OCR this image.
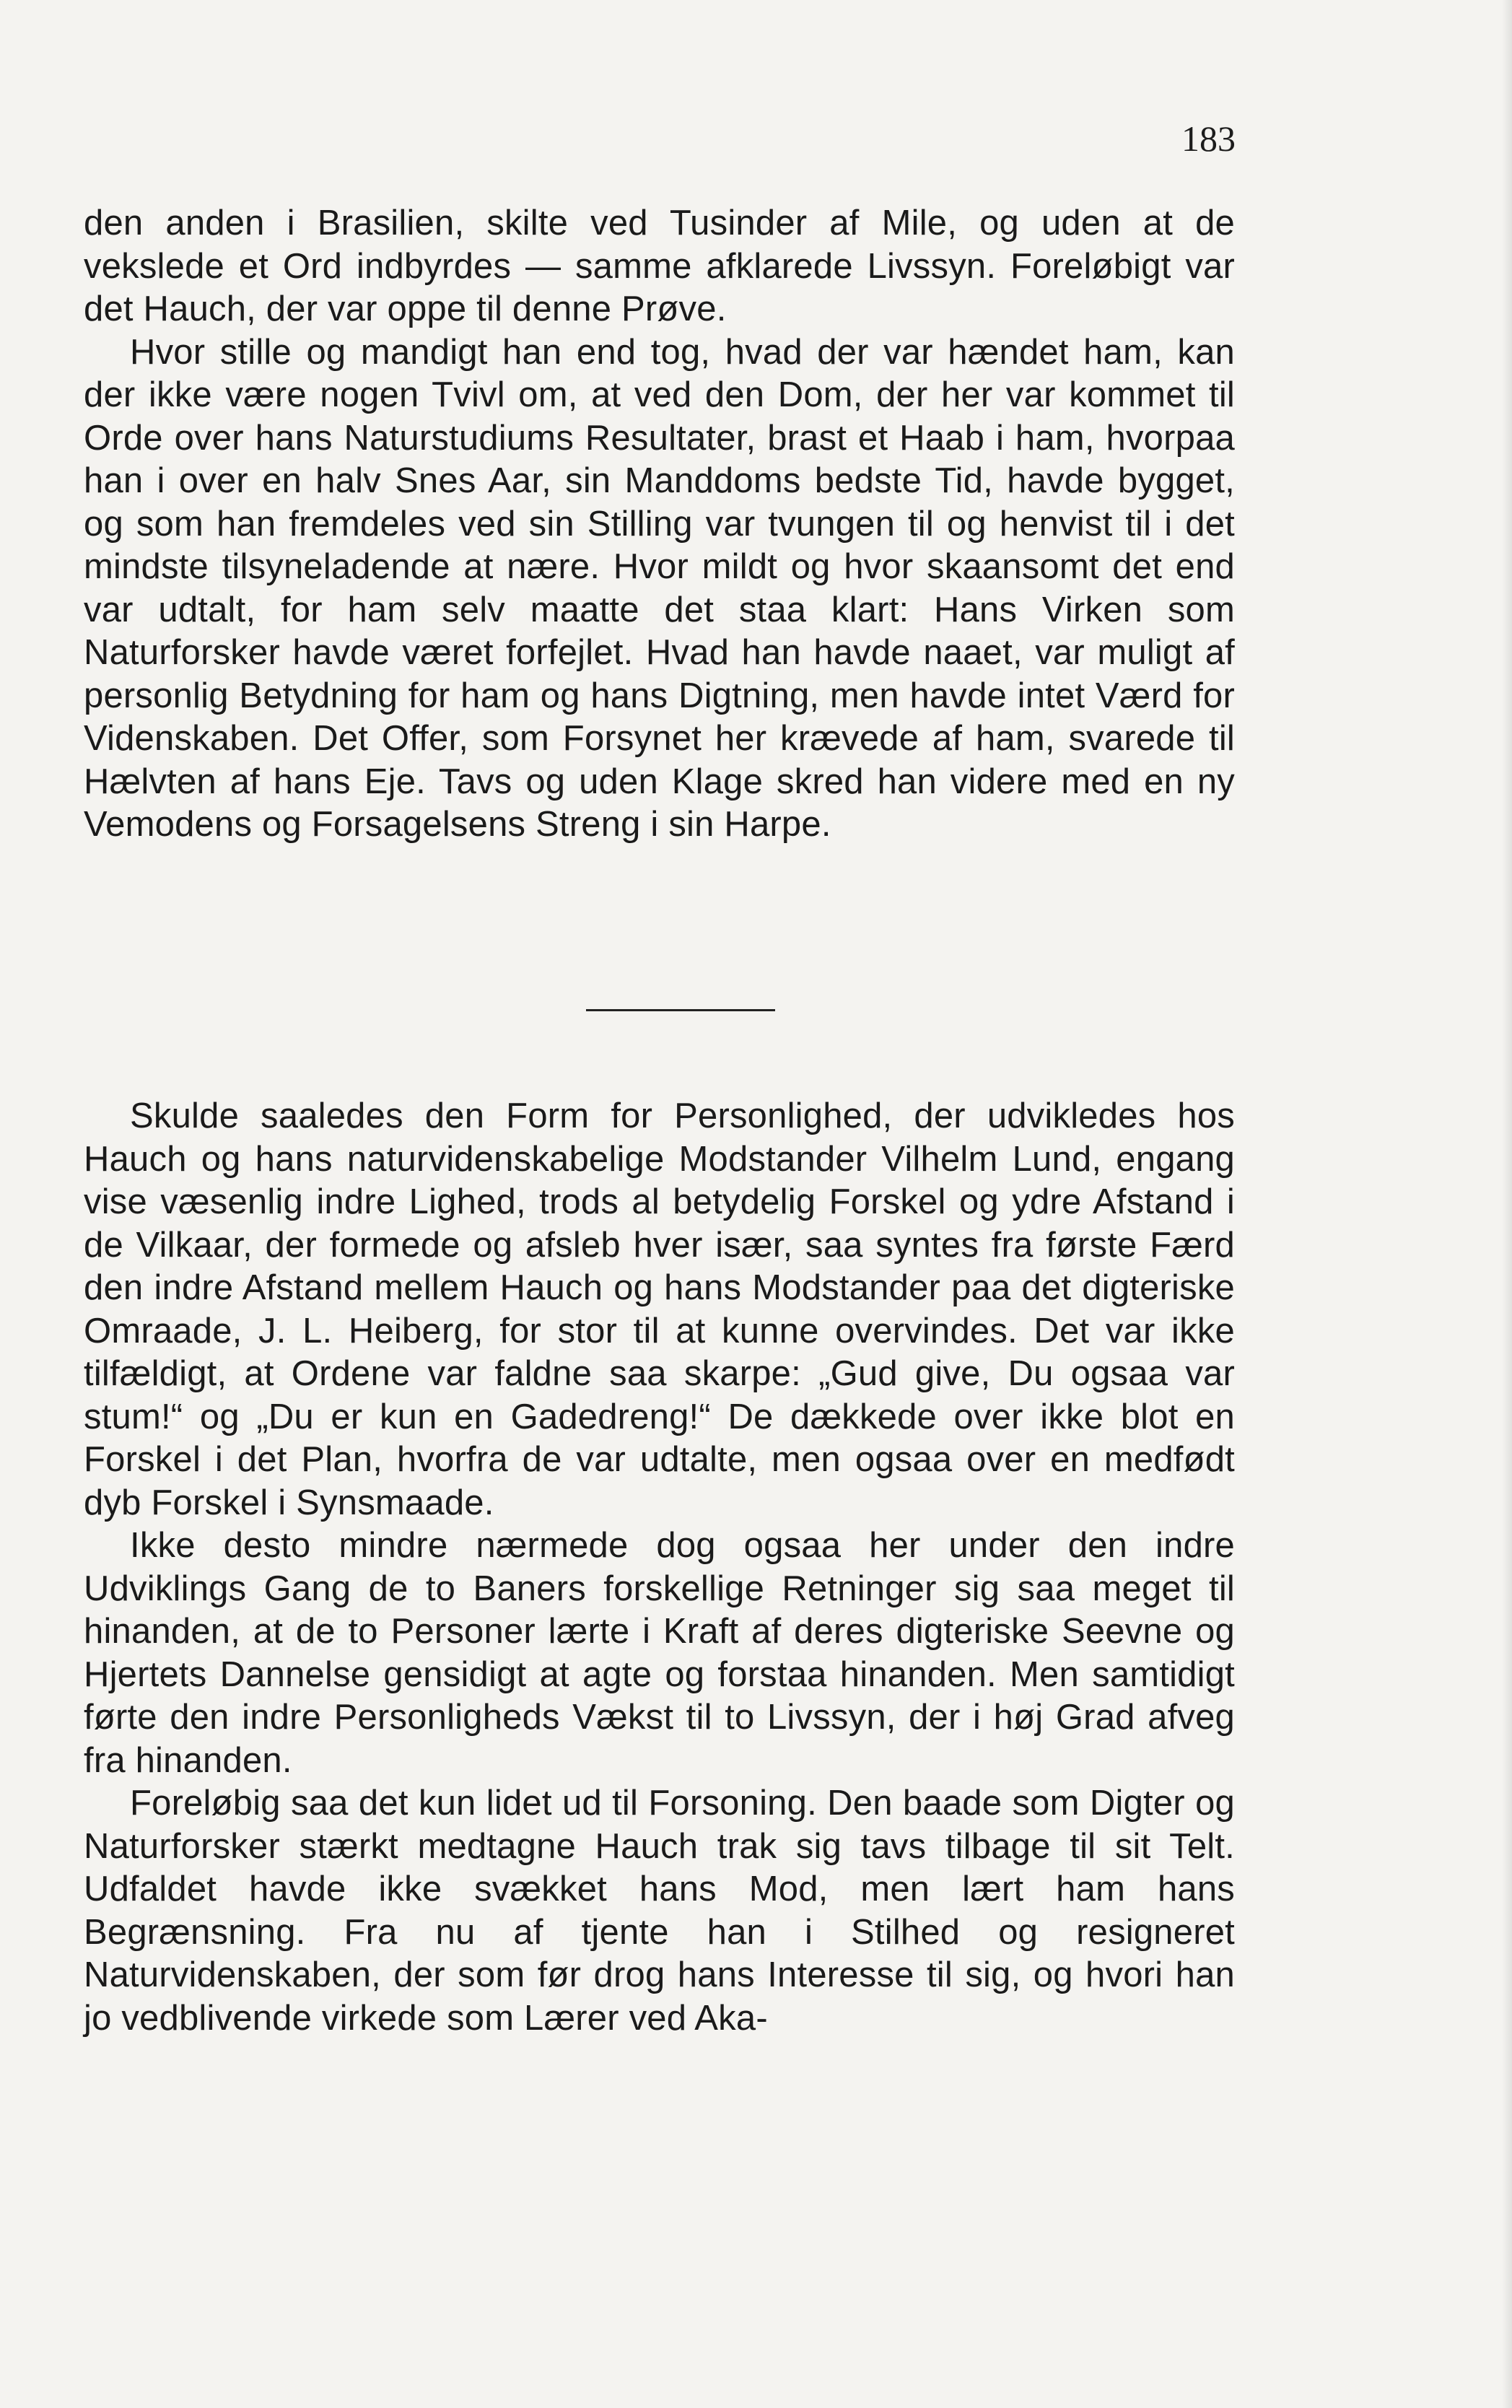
183

den anden i Brasilien, skilte ved Tusinder af Mile, og uden at de vekslede et Ord indbyrdes — samme afklarede Livssyn. Foreløbigt var det Hauch, der var oppe til denne Prøve.

Hvor stille og mandigt han end tog, hvad der var hændet ham, kan der ikke være nogen Tvivl om, at ved den Dom, der her var kommet til Orde over hans Naturstudiums Resultater, brast et Haab i ham, hvorpaa han i over en halv Snes Aar, sin Manddoms bedste Tid, havde bygget, og som han fremdeles ved sin Stilling var tvungen til og henvist til i det mindste tilsyneladende at nære. Hvor mildt og hvor skaansomt det end var udtalt, for ham selv maatte det staa klart: Hans Virken som Naturforsker havde været forfejlet. Hvad han havde naaet, var muligt af personlig Betydning for ham og hans Digtning, men havde intet Værd for Videnskaben. Det Offer, som Forsynet her krævede af ham, svarede til Hælvten af hans Eje. Tavs og uden Klage skred han videre med en ny Vemodens og Forsagelsens Streng i sin Harpe.

Skulde saaledes den Form for Personlighed, der udvikledes hos Hauch og hans naturvidenskabelige Modstander Vilhelm Lund, engang vise væsenlig indre Lighed, trods al betydelig Forskel og ydre Afstand i de Vilkaar, der formede og afsleb hver især, saa syntes fra første Færd den indre Afstand mellem Hauch og hans Modstander paa det digteriske Omraade, J. L. Heiberg, for stor til at kunne overvindes. Det var ikke tilfældigt, at Ordene var faldne saa skarpe: „Gud give, Du ogsaa var stum!“ og „Du er kun en Gadedreng!“ De dækkede over ikke blot en Forskel i det Plan, hvorfra de var udtalte, men ogsaa over en medfødt dyb Forskel i Synsmaade.

Ikke desto mindre nærmede dog ogsaa her under den indre Udviklings Gang de to Baners forskellige Retninger sig saa meget til hinanden, at de to Personer lærte i Kraft af deres digteriske Seevne og Hjertets Dannelse gensidigt at agte og forstaa hinanden. Men samtidigt førte den indre Personligheds Vækst til to Livssyn, der i høj Grad afveg fra hinanden.

Foreløbig saa det kun lidet ud til Forsoning. Den baade som Digter og Naturforsker stærkt medtagne Hauch trak sig tavs tilbage til sit Telt. Udfaldet havde ikke svækket hans Mod, men lært ham hans Begrænsning. Fra nu af tjente han i Stilhed og resigneret Naturvidenskaben, der som før drog hans Interesse til sig, og hvori han jo vedblivende virkede som Lærer ved Aka-
